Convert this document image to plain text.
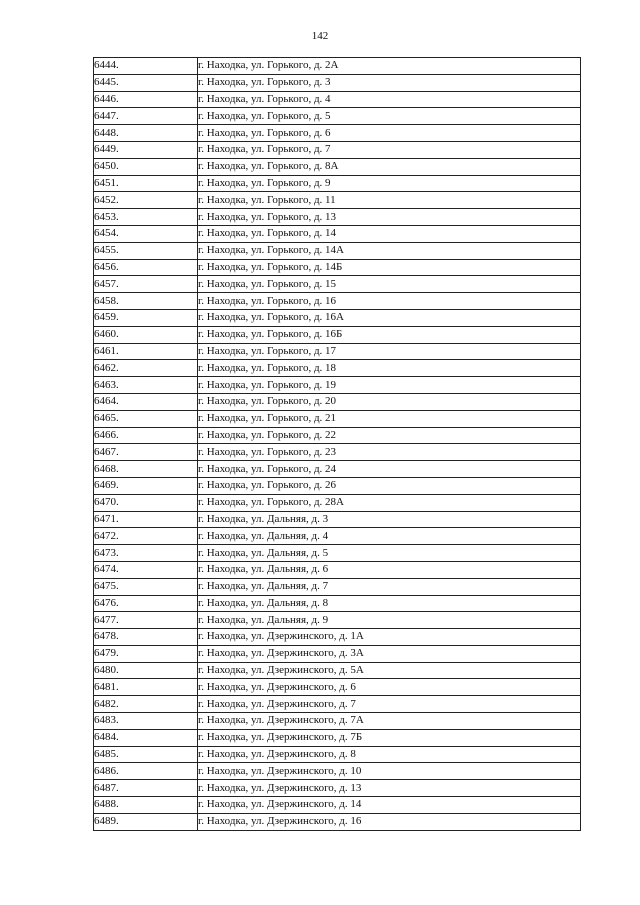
142
6444.	г. Находка, ул. Горького, д. 2А
6445.	г. Находка, ул. Горького, д. 3
6446.	г. Находка, ул. Горького, д. 4
6447.	г. Находка, ул. Горького, д. 5
6448.	г. Находка, ул. Горького, д. 6
6449.	г. Находка, ул. Горького, д. 7
6450.	г. Находка, ул. Горького, д. 8А
6451.	г. Находка, ул. Горького, д. 9
6452.	г. Находка, ул. Горького, д. 11
6453.	г. Находка, ул. Горького, д. 13
6454.	г. Находка, ул. Горького, д. 14
6455.	г. Находка, ул. Горького, д. 14А
6456.	г. Находка, ул. Горького, д. 14Б
6457.	г. Находка, ул. Горького, д. 15
6458.	г. Находка, ул. Горького, д. 16
6459.	г. Находка, ул. Горького, д. 16А
6460.	г. Находка, ул. Горького, д. 16Б
6461.	г. Находка, ул. Горького, д. 17
6462.	г. Находка, ул. Горького, д. 18
6463.	г. Находка, ул. Горького, д. 19
6464.	г. Находка, ул. Горького, д. 20
6465.	г. Находка, ул. Горького, д. 21
6466.	г. Находка, ул. Горького, д. 22
6467.	г. Находка, ул. Горького, д. 23
6468.	г. Находка, ул. Горького, д. 24
6469.	г. Находка, ул. Горького, д. 26
6470.	г. Находка, ул. Горького, д. 28А
6471.	г. Находка, ул. Дальняя, д. 3
6472.	г. Находка, ул. Дальняя, д. 4
6473.	г. Находка, ул. Дальняя, д. 5
6474.	г. Находка, ул. Дальняя, д. 6
6475.	г. Находка, ул. Дальняя, д. 7
6476.	г. Находка, ул. Дальняя, д. 8
6477.	г. Находка, ул. Дальняя, д. 9
6478.	г. Находка, ул. Дзержинского, д. 1А
6479.	г. Находка, ул. Дзержинского, д. 3А
6480.	г. Находка, ул. Дзержинского, д. 5А
6481.	г. Находка, ул. Дзержинского, д. 6
6482.	г. Находка, ул. Дзержинского, д. 7
6483.	г. Находка, ул. Дзержинского, д. 7А
6484.	г. Находка, ул. Дзержинского, д. 7Б
6485.	г. Находка, ул. Дзержинского, д. 8
6486.	г. Находка, ул. Дзержинского, д. 10
6487.	г. Находка, ул. Дзержинского, д. 13
6488.	г. Находка, ул. Дзержинского, д. 14
6489.	г. Находка, ул. Дзержинского, д. 16
